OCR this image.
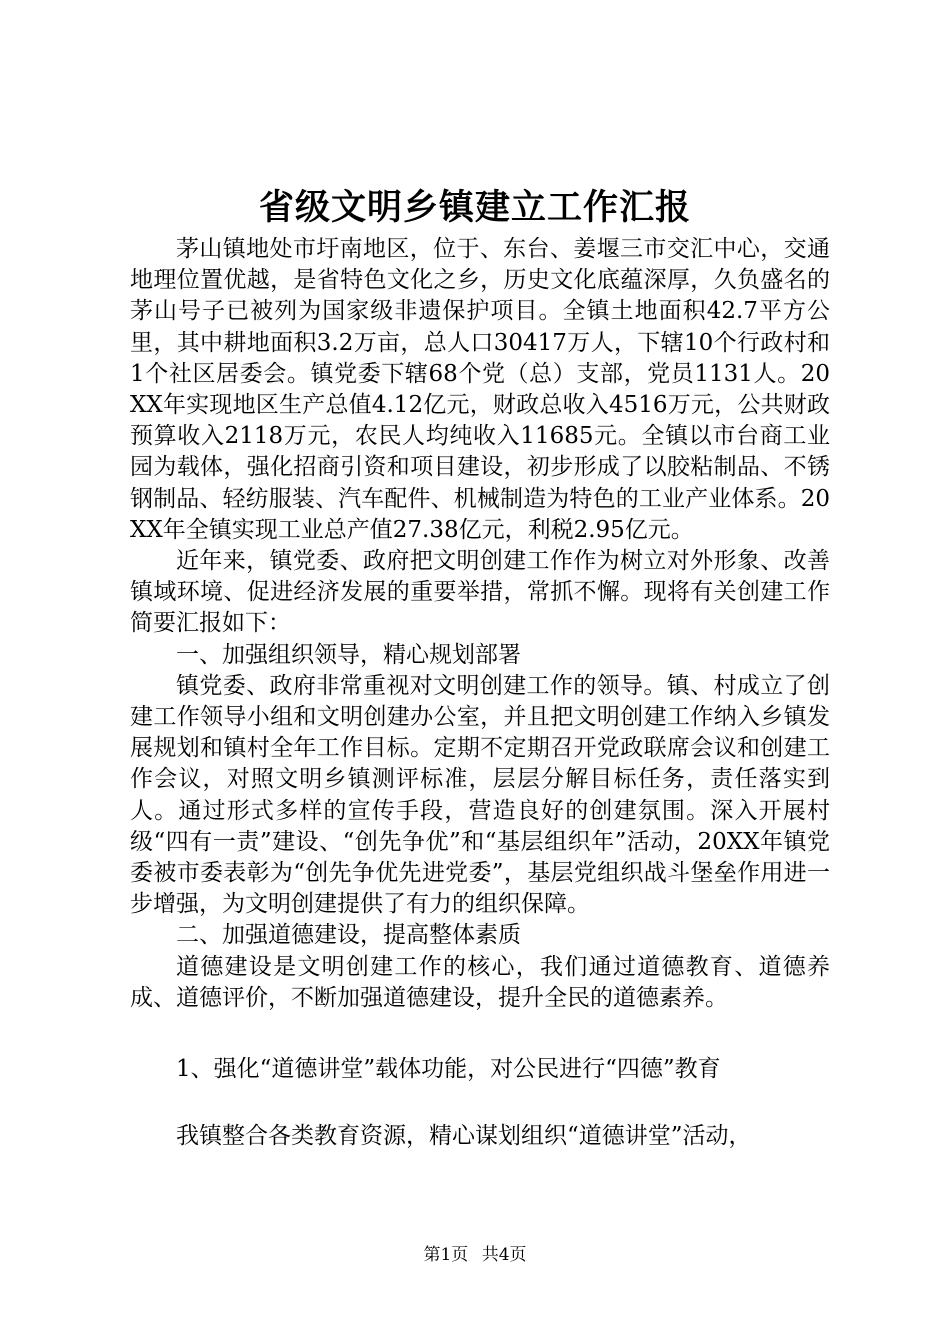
省级文明乡镇建立工作汇报

茅山镇地处市圩南地区，位于、东台、姜堰三市交汇中心，交通地理位置优越，是省特色文化之乡，历史文化底蕴深厚，久负盛名的茅山号子已被列为国家级非遗保护项目。全镇土地面积42.7平方公里，其中耕地面积3.2万亩，总人口30417万人，下辖10个行政村和1个社区居委会。镇党委下辖68个党（总）支部，党员1131人。20XX年实现地区生产总值4.12亿元，财政总收入4516万元，公共财政预算收入2118万元，农民人均纯收入11685元。全镇以市台商工业园为载体，强化招商引资和项目建设，初步形成了以胶粘制品、不锈钢制品、轻纺服装、汽车配件、机械制造为特色的工业产业体系。20XX年全镇实现工业总产值27.38亿元，利税2.95亿元。

近年来，镇党委、政府把文明创建工作作为树立对外形象、改善镇域环境、促进经济发展的重要举措，常抓不懈。现将有关创建工作简要汇报如下：

一、加强组织领导，精心规划部署

镇党委、政府非常重视对文明创建工作的领导。镇、村成立了创建工作领导小组和文明创建办公室，并且把文明创建工作纳入乡镇发展规划和镇村全年工作目标。定期不定期召开党政联席会议和创建工作会议，对照文明乡镇测评标准，层层分解目标任务，责任落实到人。通过形式多样的宣传手段，营造良好的创建氛围。深入开展村级“四有一责”建设、“创先争优”和“基层组织年”活动，20XX年镇党委被市委表彰为“创先争优先进党委”，基层党组织战斗堡垒作用进一步增强，为文明创建提供了有力的组织保障。

二、加强道德建设，提高整体素质

道德建设是文明创建工作的核心，我们通过道德教育、道德养成、道德评价，不断加强道德建设，提升全民的道德素养。

1、强化“道德讲堂”载体功能，对公民进行“四德”教育

我镇整合各类教育资源，精心谋划组织“道德讲堂”活动，

第1页 共4页
